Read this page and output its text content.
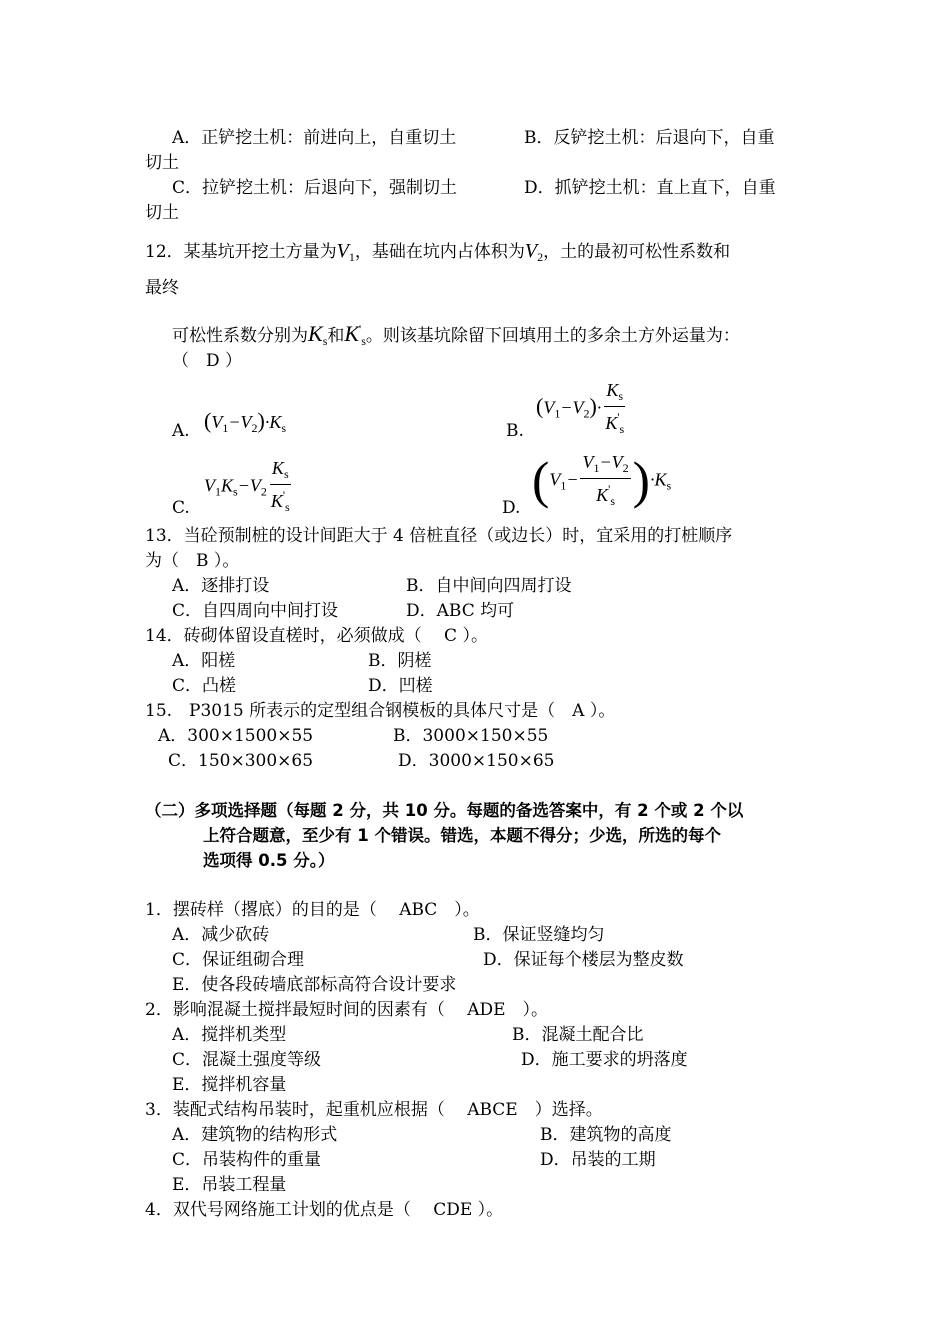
A．正铲挖土机：前进向上，自重切土	B．反铲挖土机：后退向下，自重
切土
C．拉铲挖土机：后退向下，强制切土	D．抓铲挖土机：直上直下，自重
切土
12．某基坑开挖土方量为$V_1$，基础在坑内占体积为$V_2$，土的最初可松性系数和
最终
可松性系数分别为$K_s$和$K'_s$。则该基坑除留下回填用土的多余土方外运量为：
（　D ）
A. $(V_1-V_2)\cdot K_s$	B.
$(V_1-V_2)\cdot \frac{K_s}{K'_s}$
C.
$V_1K_s-V_2 \frac{K_s}{K'_s}$	D. $(V_1- \frac{V_1-V_2}{K'_s} )\cdot K_s$
13．当砼预制桩的设计间距大于 4 倍桩直径（或边长）时，宜采用的打桩顺序
为（　B ）。
A．逐排打设	B．自中间向四周打设
C．自四周向中间打设	D．ABC 均可
14．砖砌体留设直槎时，必须做成（　 C ）。
A．阳槎	B．阴槎
C．凸槎	D．凹槎
15.　P3015 所表示的定型组合钢模板的具体尺寸是（　A ）。
A．300×1500×55	B．3000×150×55
C．150×300×65	D．3000×150×65
（二）多项选择题（每题 2 分，共 10 分。每题的备选答案中，有 2 个或 2 个以
上符合题意，至少有 1 个错误。错选，本题不得分；少选，所选的每个
选项得 0.5 分。）
1．摆砖样（撂底）的目的是（　 ABC　）。
A．减少砍砖	B．保证竖缝均匀
C．保证组砌合理	D．保证每个楼层为整皮数
E．使各段砖墙底部标高符合设计要求
2．影响混凝土搅拌最短时间的因素有（　 ADE　）。
A．搅拌机类型	B．混凝土配合比
C．混凝土强度等级	D．施工要求的坍落度
E．搅拌机容量
3．装配式结构吊装时，起重机应根据（　 ABCE　）选择。
A．建筑物的结构形式	B．建筑物的高度
C．吊装构件的重量	D．吊装的工期
E．吊装工程量
4．双代号网络施工计划的优点是（　 CDE ）。
